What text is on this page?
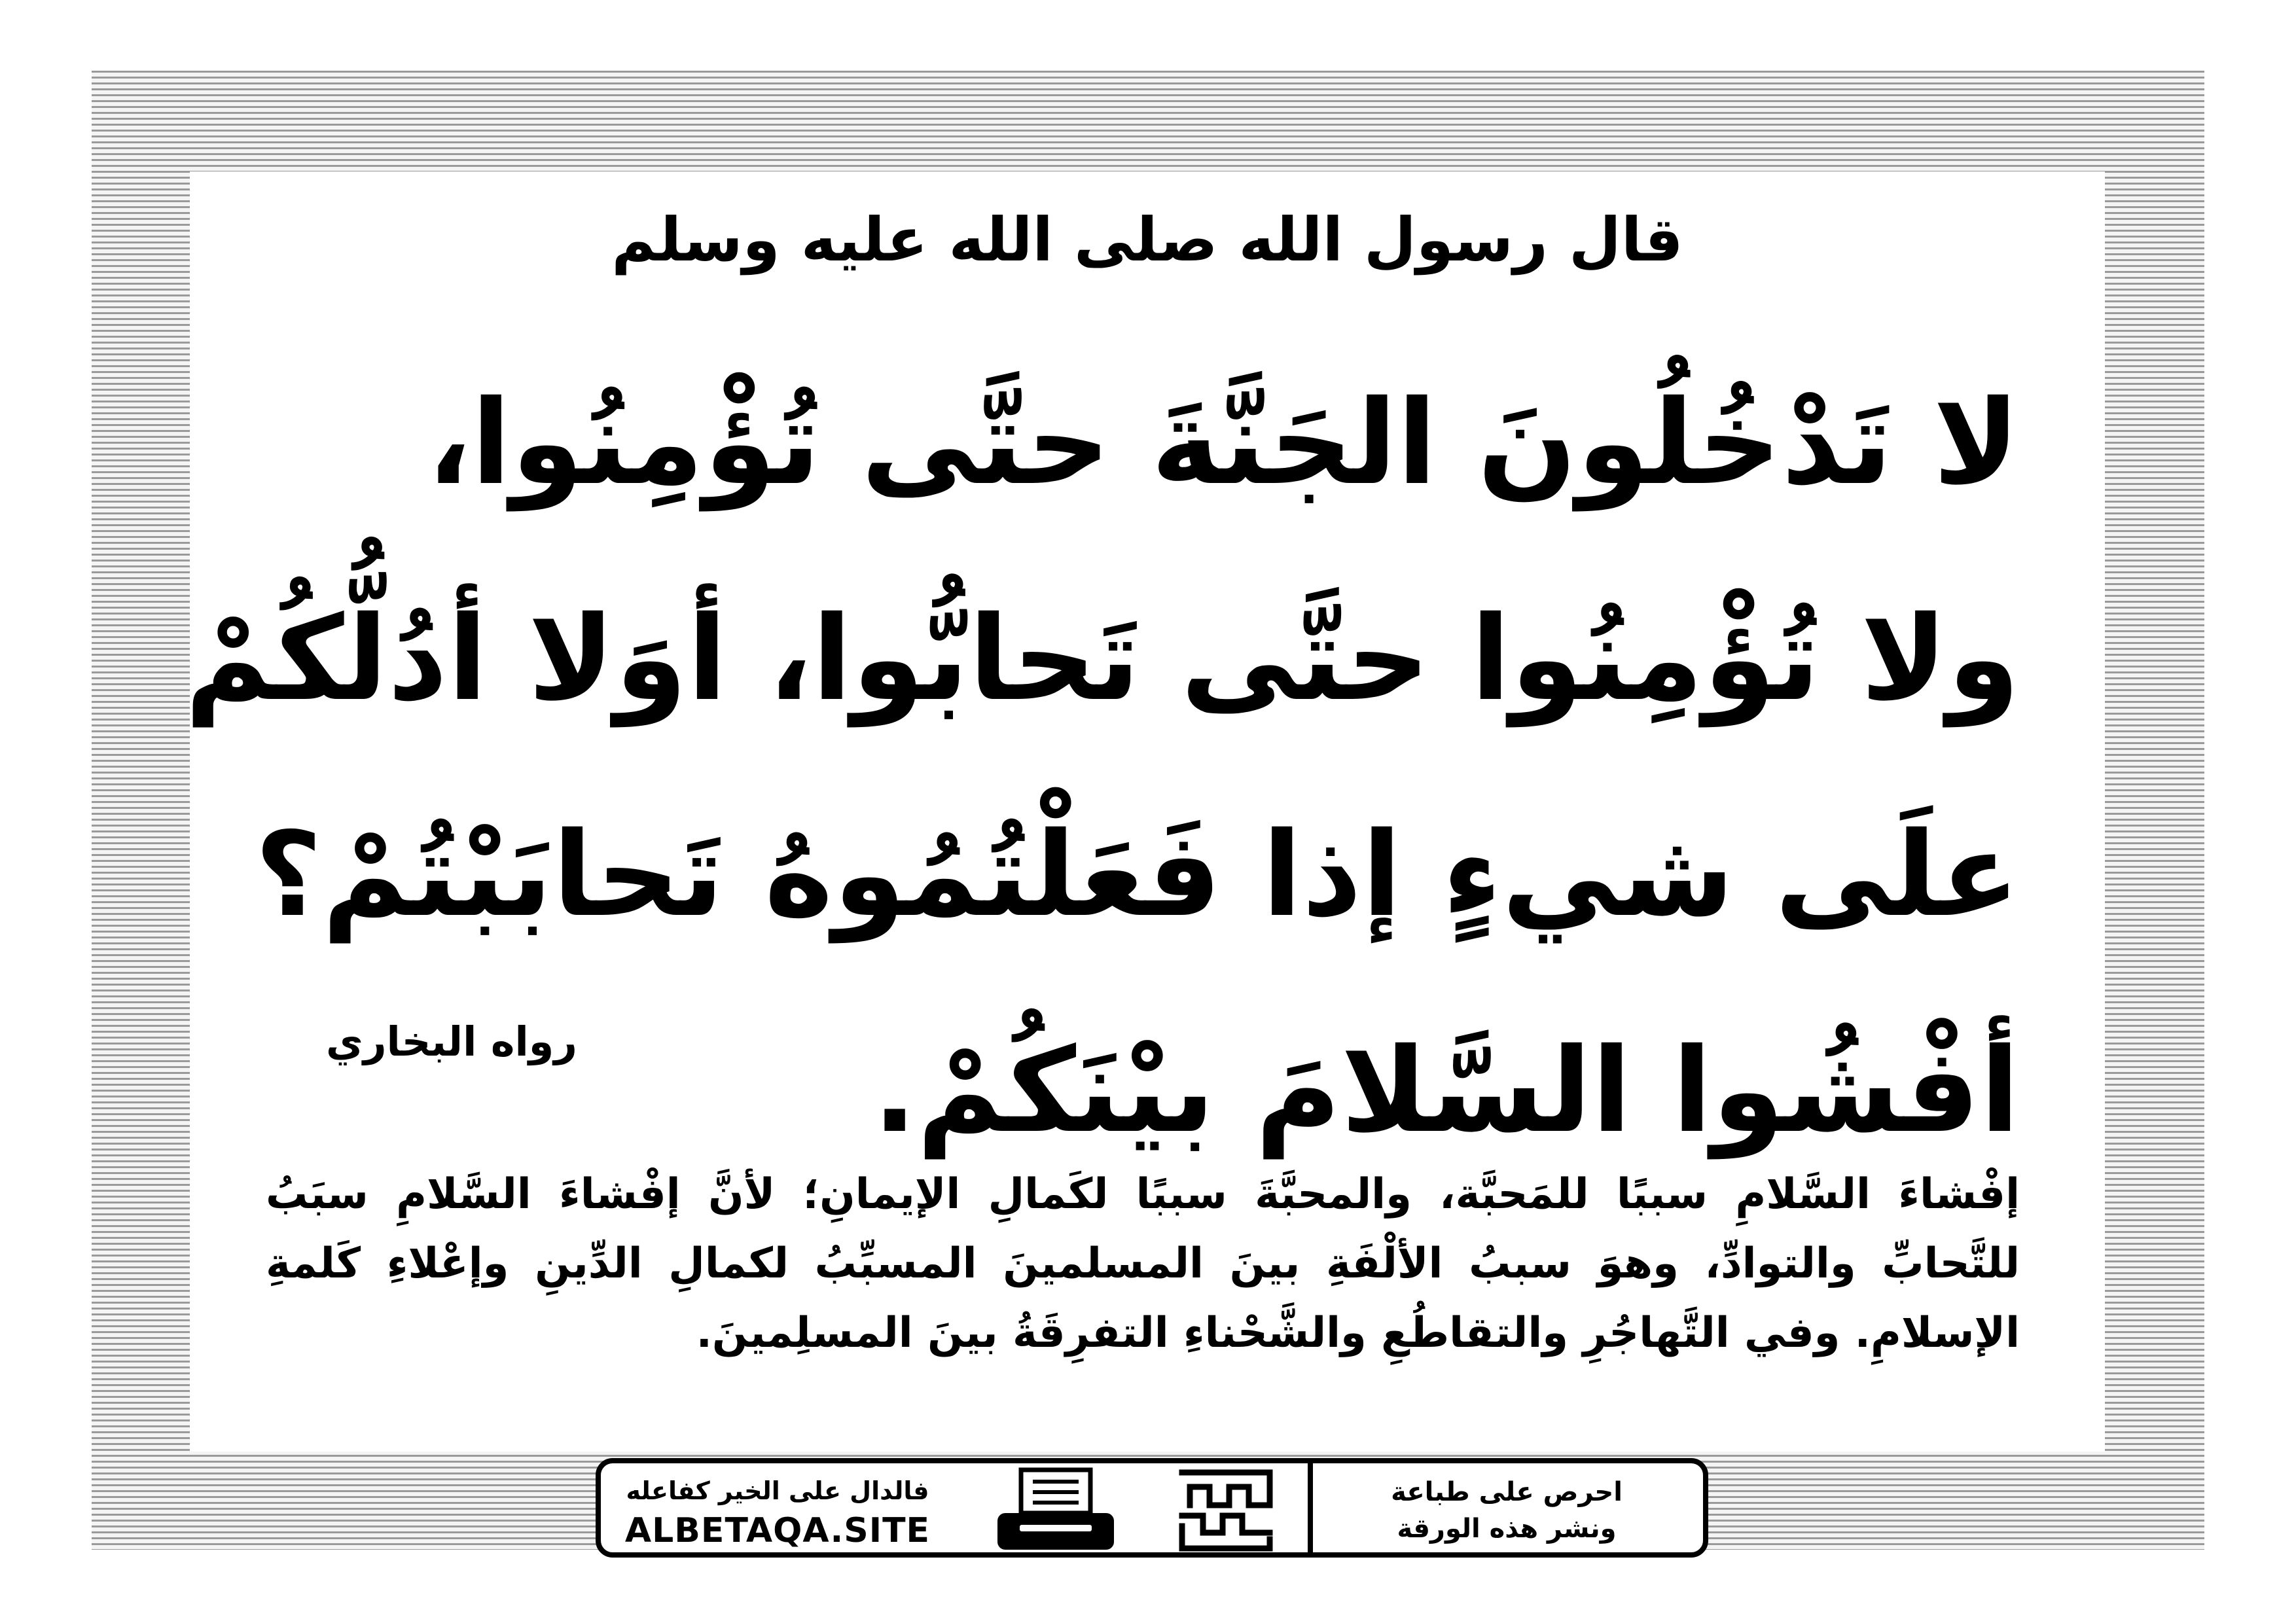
قال رسول الله صلى الله عليه وسلم

لا تَدْخُلُونَ الجَنَّةَ حتَّى تُؤْمِنُوا،
ولا تُؤْمِنُوا حتَّى تَحابُّوا، أوَلا أدُلُّكُمْ
علَى شيءٍ إذا فَعَلْتُمُوهُ تَحابَبْتُمْ؟
أفْشُوا السَّلامَ بيْنَكُمْ.

رواه البخاري

إفْشاءَ السَّلامِ سببًا للمَحبَّة، والمحبَّةَ سببًا لكَمالِ الإيمانِ؛ لأنَّ إفْشاءَ السَّلامِ سبَبُ للتَّحابِّ والتوادِّ، وهوَ سببُ الألْفَةِ بينَ المسلمينَ المسبِّبُ لكمالِ الدِّينِ وإعْلاءِ كَلمةِ الإسلامِ. وفي التَّهاجُرِ والتقاطُعِ والشَّحْناءِ التفرِقَةُ بينَ المسلِمينَ.

فالدال على الخير كفاعله
ALBETAQA.SITE
احرص على طباعة
ونشر هذه الورقة
